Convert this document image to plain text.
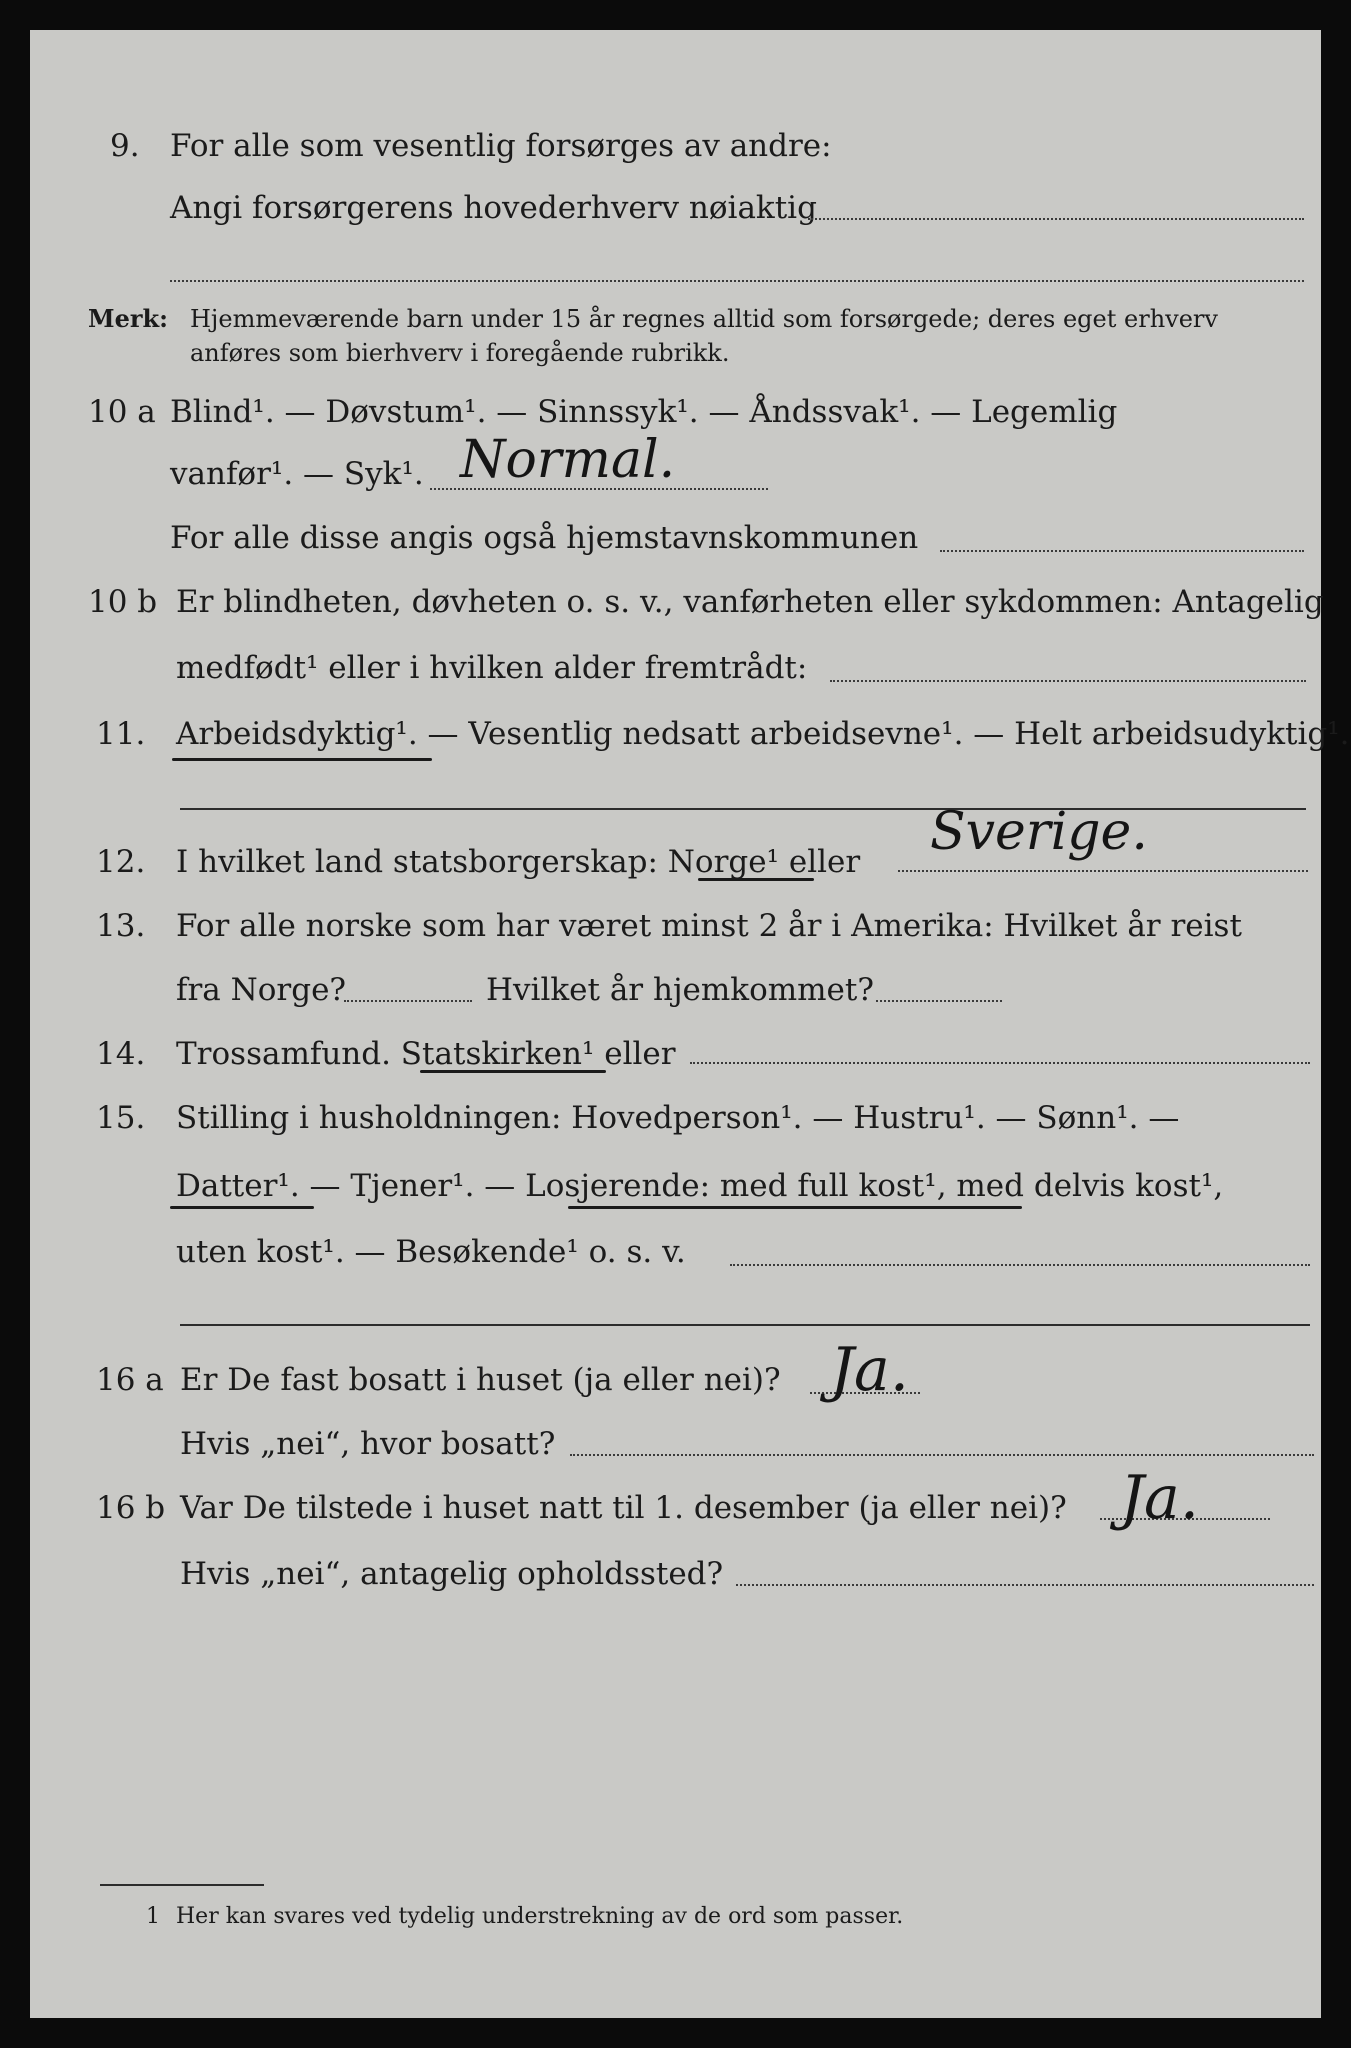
9. For alle som vesentlig forsørges av andre:
Angi forsørgerens hovederhverv nøiaktig
Merk: Hjemmeværende barn under 15 år regnes alltid som forsørgede; deres eget erhverv
anføres som bierhverv i foregående rubrikk.
10 a Blind¹. — Døvstum¹. — Sinnssyk¹. — Åndssvak¹. — Legemlig
vanfør¹. — Syk¹. Normal.
For alle disse angis også hjemstavnskommunen
10 b Er blindheten, døvheten o. s. v., vanførheten eller sykdommen: Antagelig
medfødt¹ eller i hvilken alder fremtrådt:
11. Arbeidsdyktig¹. — Vesentlig nedsatt arbeidsevne¹. — Helt arbeidsudyktig¹.
12. I hvilket land statsborgerskap: Norge¹ eller Sverige.
13. For alle norske som har været minst 2 år i Amerika: Hvilket år reist
fra Norge?	Hvilket år hjemkommet?
14. Trossamfund. Statskirken¹ eller
15. Stilling i husholdningen: Hovedperson¹. — Hustru¹. — Sønn¹. —
Datter¹. — Tjener¹. — Losjerende: med full kost¹, med delvis kost¹,
uten kost¹. — Besøkende¹ o. s. v.
16 a Er De fast bosatt i huset (ja eller nei)? Ja.
Hvis „nei“, hvor bosatt?
16 b Var De tilstede i huset natt til 1. desember (ja eller nei)? Ja.
Hvis „nei“, antagelig opholdssted?
1 Her kan svares ved tydelig understrekning av de ord som passer.
